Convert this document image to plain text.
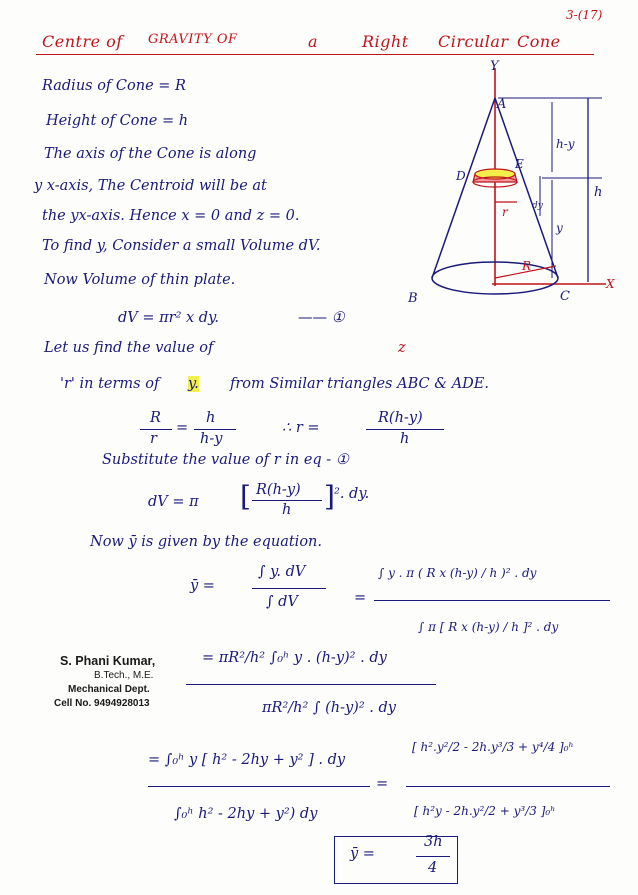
3-(17)
Centre of GRAVITY OF	a	Right Circular Cone
Radius of Cone = R
Height of Cone = h
The axis of the Cone is along
y x-axis, The Centroid will be at
the yx-axis. Hence x = 0 and z = 0.
To find y, Consider a small Volume dV.
Now Volume of thin plate.
dV = πr² x dy.	—— ①
Let us find the value of	z
'r' in terms of y. from Similar triangles ABC & ADE.
R
r
=
h
h-y
∴ r =
R(h-y)
h
Substitute the value of r in eq - ①
dV = π [ R(h-y)
h ] ². dy.
Now ȳ is given by the equation.
ȳ =
∫ y. dV
∫ dV	=
∫ y . π ( R x (h-y) / h )² . dy
∫ π [ R x (h-y) / h ]² . dy
S. Phani Kumar,
B.Tech., M.E.
Mechanical Dept.
Cell No. 9494928013
= πR²/h² ∫₀ʰ y . (h-y)² . dy
πR²/h² ∫ (h-y)² . dy
= ∫₀ʰ y [ h² - 2hy + y² ] . dy
∫₀ʰ h² - 2hy + y²) dy
=
[ h².y²/2 - 2h.y³/3 + y⁴/4 ]₀ʰ
[ h²y - 2h.y²/2 + y³/3 ]₀ʰ
ȳ =
3h
4
Y
A
D
E
B	C
R
r	dy
h-y
h
y
X
